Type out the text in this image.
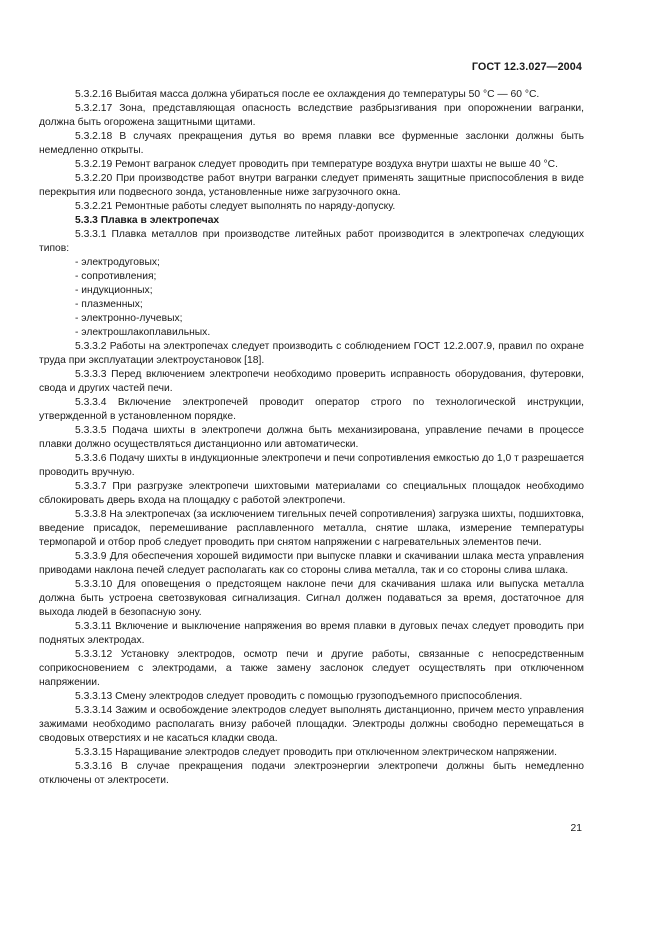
ГОСТ 12.3.027—2004

5.3.2.16 Выбитая масса должна убираться после ее охлаждения до температуры 50 °С — 60 °С.

5.3.2.17 Зона, представляющая опасность вследствие разбрызгивания при опорожнении вагранки, должна быть огорожена защитными щитами.

5.3.2.18 В случаях прекращения дутья во время плавки все фурменные заслонки должны быть немедленно открыты.

5.3.2.19 Ремонт вагранок следует проводить при температуре воздуха внутри шахты не выше 40 °С.

5.3.2.20 При производстве работ внутри вагранки следует применять защитные приспособления в виде перекрытия или подвесного зонда, установленные ниже загрузочного окна.

5.3.2.21 Ремонтные работы следует выполнять по наряду-допуску.

5.3.3 Плавка в электропечах

5.3.3.1 Плавка металлов при производстве литейных работ производится в электропечах следующих типов:

- электродуговых;

- сопротивления;

- индукционных;

- плазменных;

- электронно-лучевых;

- электрошлакоплавильных.

5.3.3.2 Работы на электропечах следует производить с соблюдением ГОСТ 12.2.007.9, правил по охране труда при эксплуатации электроустановок [18].

5.3.3.3 Перед включением электропечи необходимо проверить исправность оборудования, футеровки, свода и других частей печи.

5.3.3.4 Включение электропечей проводит оператор строго по технологической инструкции, утвержденной в установленном порядке.

5.3.3.5 Подача шихты в электропечи должна быть механизирована, управление печами в процессе плавки должно осуществляться дистанционно или автоматически.

5.3.3.6 Подачу шихты в индукционные электропечи и печи сопротивления емкостью до 1,0 т разрешается проводить вручную.

5.3.3.7 При разгрузке электропечи шихтовыми материалами со специальных площадок необходимо сблокировать дверь входа на площадку с работой электропечи.

5.3.3.8 На электропечах (за исключением тигельных печей сопротивления) загрузка шихты, подшихтовка, введение присадок, перемешивание расплавленного металла, снятие шлака, измерение температуры термопарой и отбор проб следует проводить при снятом напряжении с нагревательных элементов печи.

5.3.3.9 Для обеспечения хорошей видимости при выпуске плавки и скачивании шлака места управления приводами наклона печей следует располагать как со стороны слива металла, так и со стороны слива шлака.

5.3.3.10 Для оповещения о предстоящем наклоне печи для скачивания шлака или выпуска металла должна быть устроена светозвуковая сигнализация. Сигнал должен подаваться за время, достаточное для выхода людей в безопасную зону.

5.3.3.11 Включение и выключение напряжения во время плавки в дуговых печах следует проводить при поднятых электродах.

5.3.3.12 Установку электродов, осмотр печи и другие работы, связанные с непосредственным соприкосновением с электродами, а также замену заслонок следует осуществлять при отключенном напряжении.

5.3.3.13 Смену электродов следует проводить с помощью грузоподъемного приспособления.

5.3.3.14 Зажим и освобождение электродов следует выполнять дистанционно, причем место управления зажимами необходимо располагать внизу рабочей площадки. Электроды должны свободно перемещаться в сводовых отверстиях и не касаться кладки свода.

5.3.3.15 Наращивание электродов следует проводить при отключенном электрическом напряжении.

5.3.3.16 В случае прекращения подачи электроэнергии электропечи должны быть немедленно отключены от электросети.

21
